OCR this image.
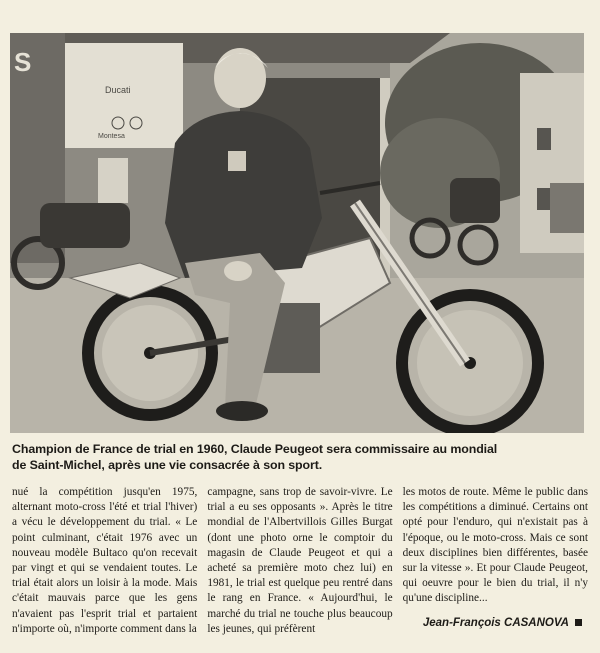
S
Ducati
Montesa

Champion de France de trial en 1960, Claude Peugeot sera commissaire au mondial
de Saint-Michel, après une vie consacrée à son sport.

nué la compétition jusqu'en 1975, alternant moto-cross l'été et trial l'hiver) a vécu le développement du trial. « Le point culminant, c'était 1976 avec un nouveau modèle Bultaco qu'on recevait par vingt et qui se vendaient toutes. Le trial était alors un loisir à la mode. Mais c'était mauvais parce que les gens n'avaient pas l'esprit trial et partaient n'importe où, n'importe comment dans la

campagne, sans trop de savoir-vivre. Le trial a eu ses opposants ». Après le titre mondial de l'Albertvillois Gilles Burgat (dont une photo orne le comptoir du magasin de Claude Peugeot et qui a acheté sa première moto chez lui) en 1981, le trial est quelque peu rentré dans le rang en France. « Aujourd'hui, le marché du trial ne touche plus beaucoup les jeunes, qui préfèrent

les motos de route. Même le public dans les compétitions a diminué. Certains ont opté pour l'enduro, qui n'existait pas à l'époque, ou le moto-cross. Mais ce sont deux disciplines bien différentes, basée sur la vitesse ». Et pour Claude Peugeot, qui oeuvre pour le bien du trial, il n'y qu'une discipline...

Jean-François CASANOVA
